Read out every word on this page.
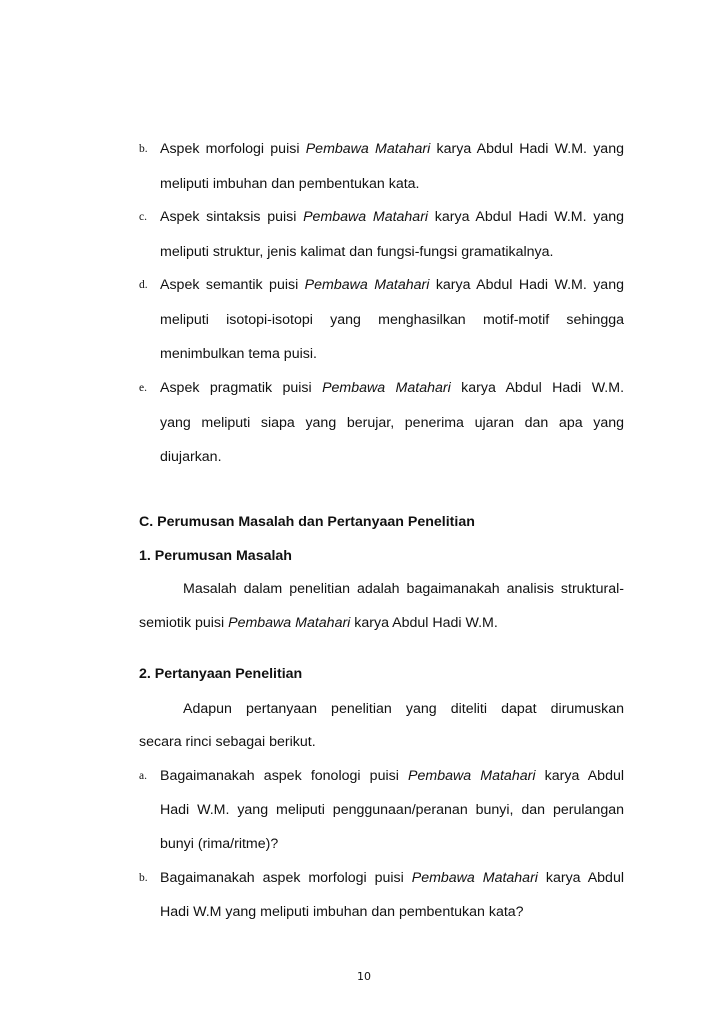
b. Aspek morfologi puisi Pembawa Matahari karya Abdul Hadi W.M. yang
meliputi imbuhan dan pembentukan kata.
c. Aspek sintaksis puisi Pembawa Matahari karya Abdul Hadi W.M. yang
meliputi struktur, jenis kalimat dan fungsi-fungsi gramatikalnya.
d. Aspek semantik puisi Pembawa Matahari karya Abdul Hadi W.M. yang
meliputi isotopi-isotopi yang menghasilkan motif-motif sehingga
menimbulkan tema puisi.
e. Aspek pragmatik puisi Pembawa Matahari karya Abdul Hadi W.M.
yang meliputi siapa yang berujar, penerima ujaran dan apa yang
diujarkan.
C. Perumusan Masalah dan Pertanyaan Penelitian
1. Perumusan Masalah
Masalah dalam penelitian adalah bagaimanakah analisis struktural-
semiotik puisi Pembawa Matahari karya Abdul Hadi W.M.
2. Pertanyaan Penelitian
Adapun pertanyaan penelitian yang diteliti dapat dirumuskan
secara rinci sebagai berikut.
a. Bagaimanakah aspek fonologi puisi Pembawa Matahari karya Abdul
Hadi W.M. yang meliputi penggunaan/peranan bunyi, dan perulangan
bunyi (rima/ritme)?
b. Bagaimanakah aspek morfologi puisi Pembawa Matahari karya Abdul
Hadi W.M yang meliputi imbuhan dan pembentukan kata?
10
